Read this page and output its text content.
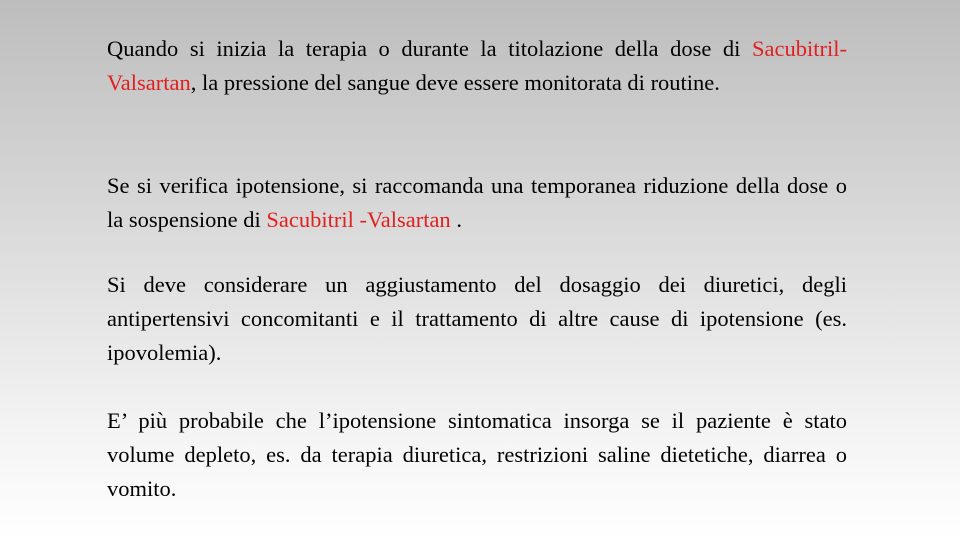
Quando si inizia la terapia o durante la titolazione della dose di Sacubitril-Valsartan, la pressione del sangue deve essere monitorata di routine.

Se si verifica ipotensione, si raccomanda una temporanea riduzione della dose o la sospensione di Sacubitril -Valsartan .

Si deve considerare un aggiustamento del dosaggio dei diuretici, degli antipertensivi concomitanti e il trattamento di altre cause di ipotensione (es. ipovolemia).

E’ più probabile che l’ipotensione sintomatica insorga se il paziente è stato volume depleto, es. da terapia diuretica, restrizioni saline dietetiche, diarrea o vomito.
